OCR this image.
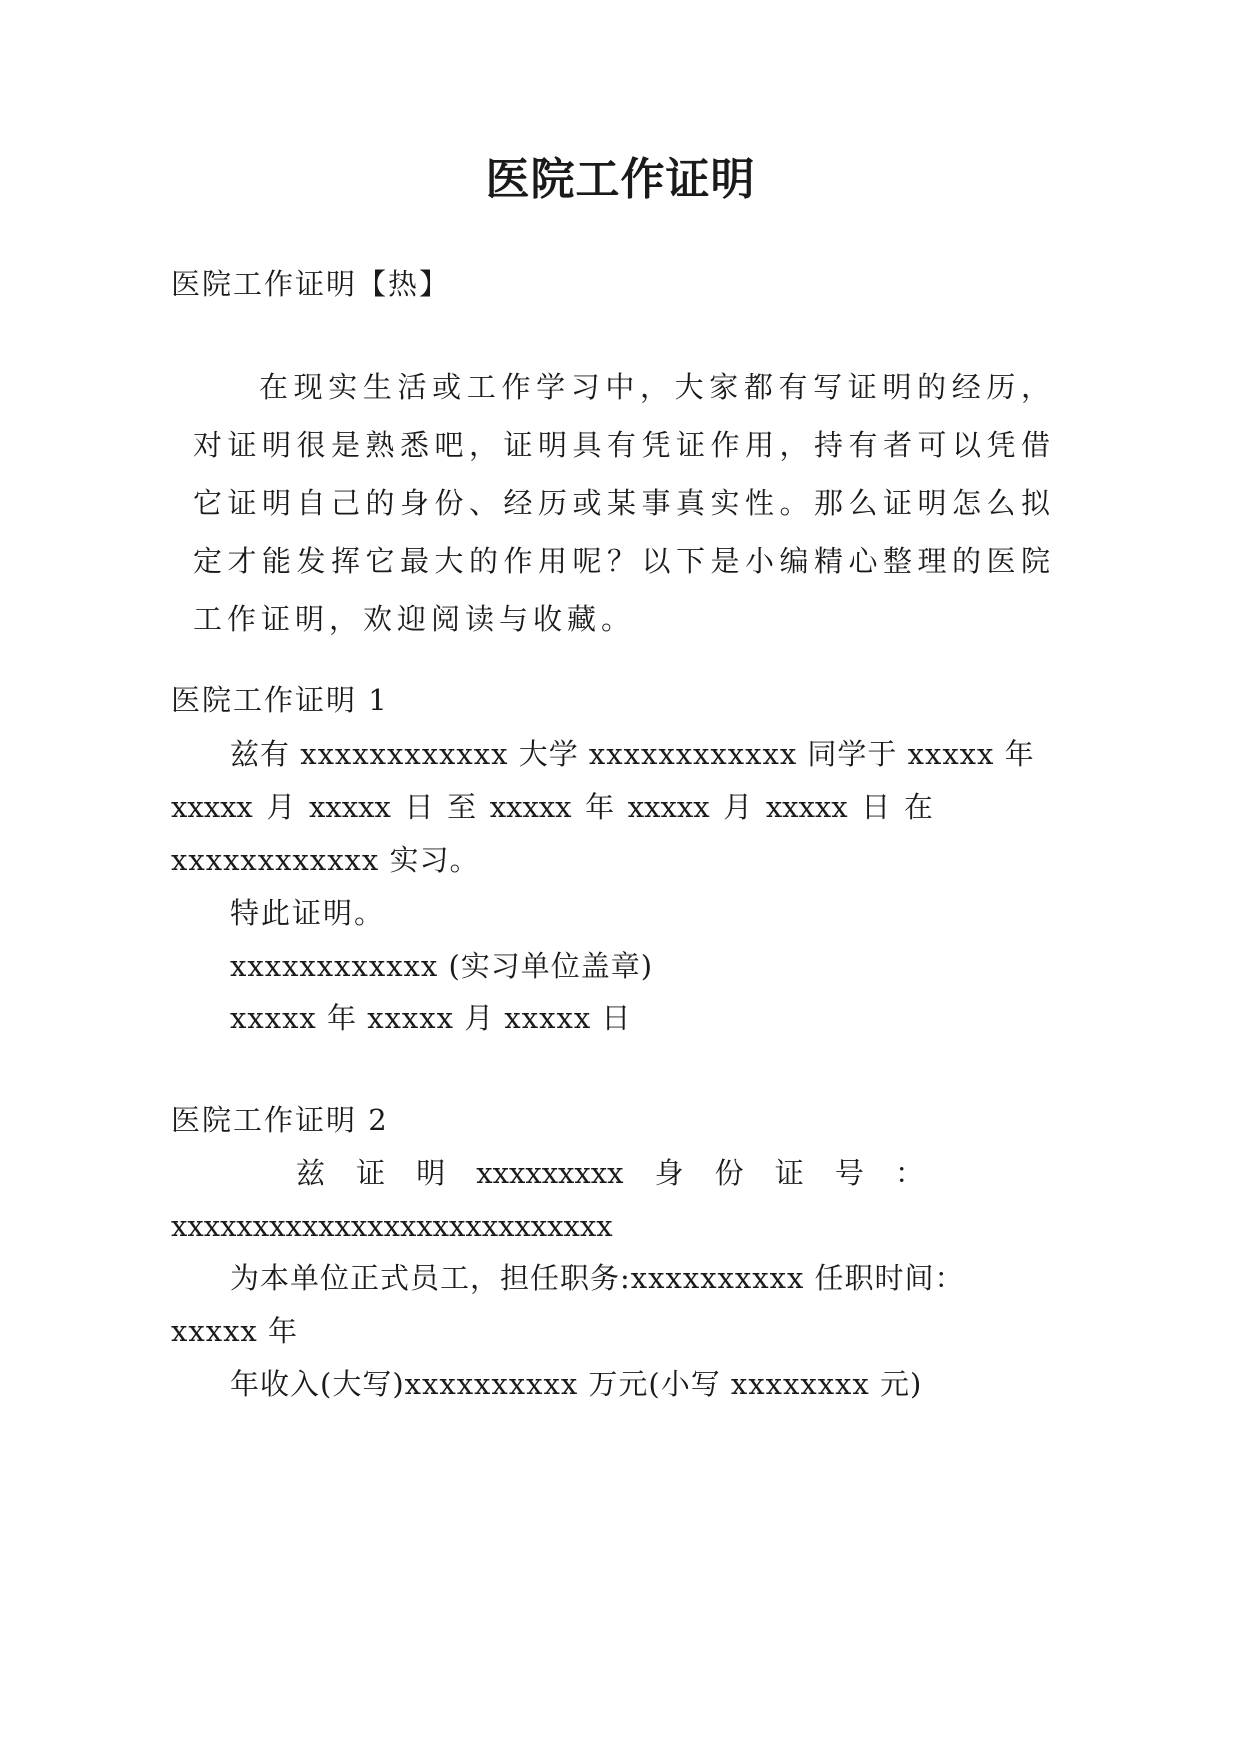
医院工作证明
医院工作证明【热】
在现实生活或工作学习中，大家都有写证明的经历，对证明很是熟悉吧，证明具有凭证作用，持有者可以凭借它证明自己的身份、经历或某事真实性。那么证明怎么拟定才能发挥它最大的作用呢？以下是小编精心整理的医院工作证明，欢迎阅读与收藏。
医院工作证明 1
兹有 xxxxxxxxxxxx 大学 xxxxxxxxxxxx 同学于 xxxxx 年
xxxxx 月 xxxxx 日 至 xxxxx 年 xxxxx 月 xxxxx 日 在
xxxxxxxxxxxx 实习。
特此证明。
xxxxxxxxxxxx (实习单位盖章)
xxxxx 年 xxxxx 月 xxxxx 日
医院工作证明 2
兹 证 明 xxxxxxxxx 身 份 证 号 ：
xxxxxxxxxxxxxxxxxxxxxxxxxxx
为本单位正式员工，担任职务:xxxxxxxxxx 任职时间：
xxxxx 年
年收入(大写)xxxxxxxxxx 万元(小写 xxxxxxxx 元)
